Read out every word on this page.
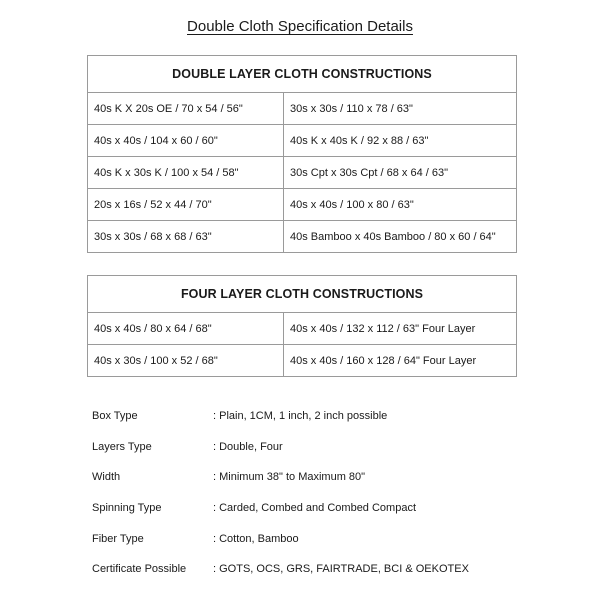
Double Cloth Specification Details
DOUBLE LAYER CLOTH CONSTRUCTIONS	
40s K X 20s OE / 70 x 54 / 56"	30s x 30s / 110 x 78 / 63"
40s x 40s / 104 x 60 / 60"	40s K x 40s K / 92 x 88 / 63"
40s K x 30s K / 100 x 54 / 58"	30s Cpt x 30s Cpt / 68 x 64 / 63"
20s x 16s / 52 x 44 / 70"	40s x 40s / 100 x 80 / 63"
30s x 30s / 68 x 68 / 63"	40s Bamboo x 40s Bamboo / 80 x 60 / 64"
FOUR LAYER CLOTH CONSTRUCTIONS	
40s x 40s / 80 x 64 / 68"	40s x 40s / 132 x 112 / 63" Four Layer
40s x 30s / 100 x 52 / 68"	40s x 40s / 160 x 128 / 64" Four Layer
Box Type	: Plain, 1CM, 1 inch, 2 inch possible
Layers Type	: Double, Four
Width	: Minimum 38" to Maximum 80"
Spinning Type	: Carded, Combed and Combed Compact
Fiber Type	: Cotton, Bamboo
Certificate Possible	: GOTS, OCS, GRS, FAIRTRADE, BCI & OEKOTEX
